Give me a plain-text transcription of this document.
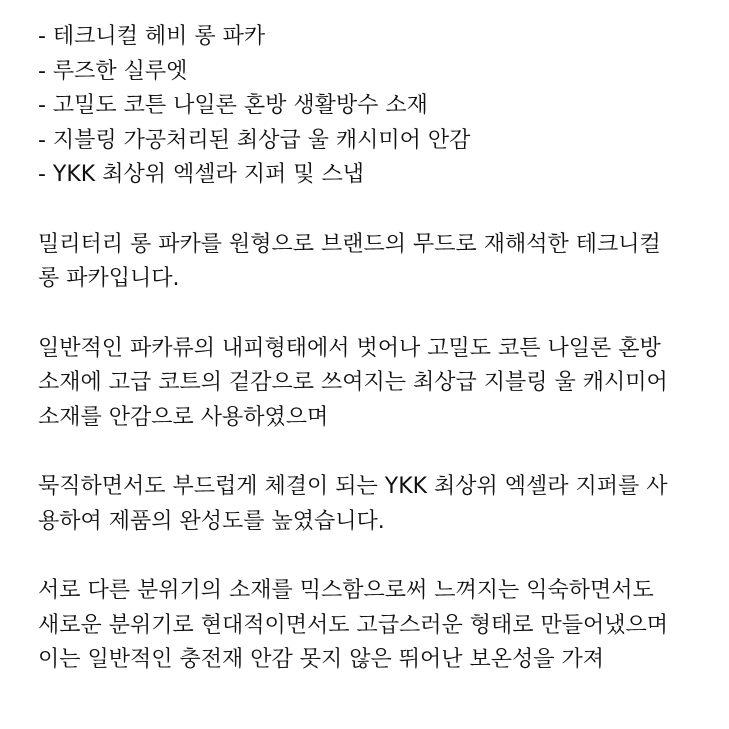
- 테크니컬 헤비 롱 파카
- 루즈한 실루엣
- 고밀도 코튼 나일론 혼방 생활방수 소재
- 지블링 가공처리된 최상급 울 캐시미어 안감
- YKK 최상위 엑셀라 지퍼 및 스냅

밀리터리 롱 파카를 원형으로 브랜드의 무드로 재해석한 테크니컬
롱 파카입니다.

일반적인 파카류의 내피형태에서 벗어나 고밀도 코튼 나일론 혼방
소재에 고급 코트의 겉감으로 쓰여지는 최상급 지블링 울 캐시미어
소재를 안감으로 사용하였으며

묵직하면서도 부드럽게 체결이 되는 YKK 최상위 엑셀라 지퍼를 사
용하여 제품의 완성도를 높였습니다.

서로 다른 분위기의 소재를 믹스함으로써 느껴지는 익숙하면서도
새로운 분위기로 현대적이면서도 고급스러운 형태로 만들어냈으며
이는 일반적인 충전재 안감 못지 않은 뛰어난 보온성을 가져
